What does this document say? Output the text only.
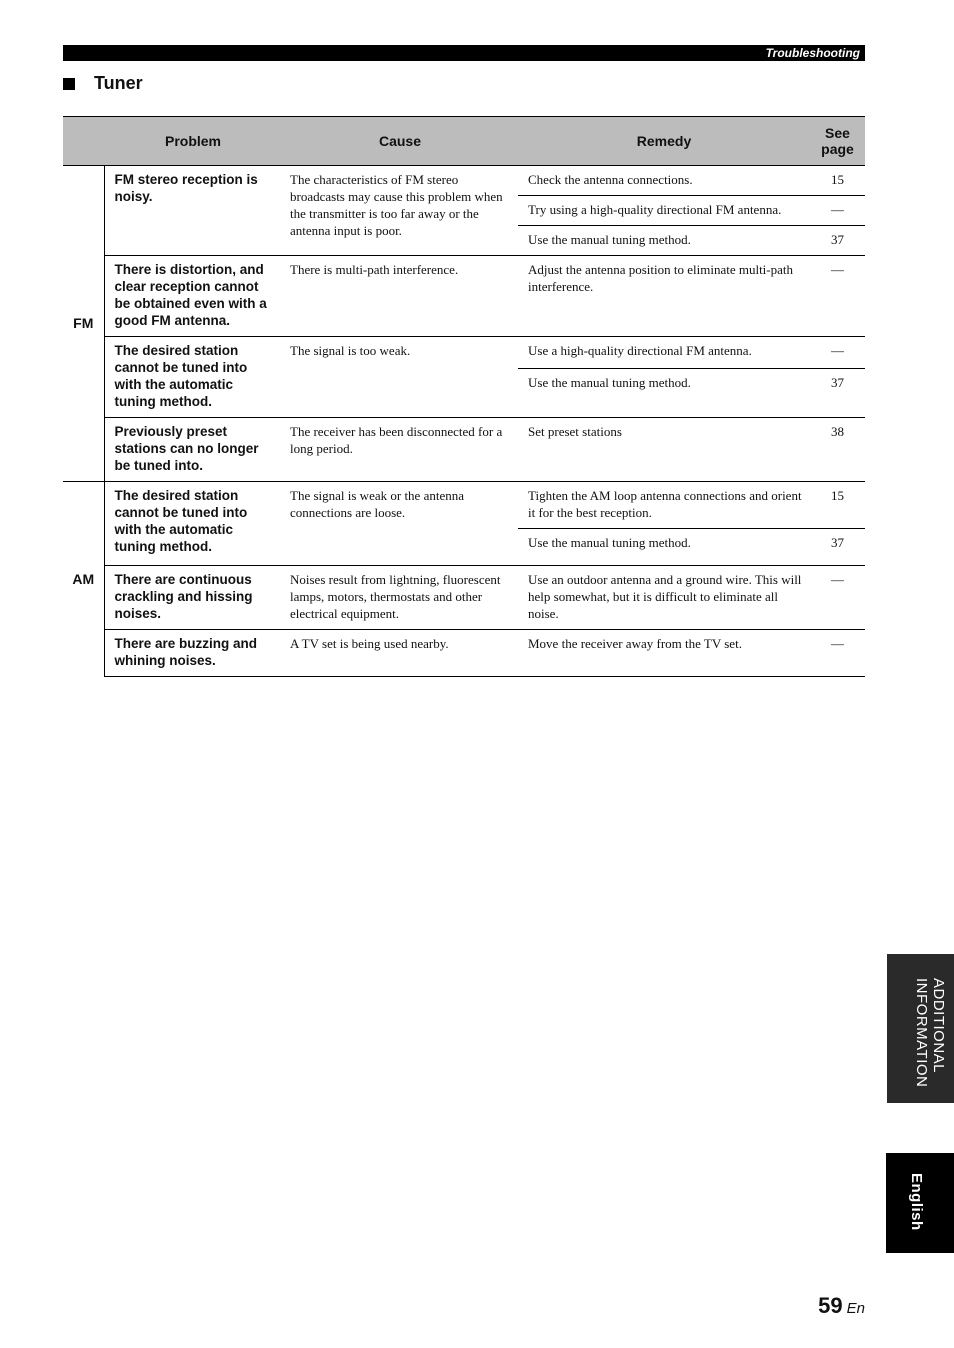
Troubleshooting
Tuner
	Problem	Cause	Remedy	See page
FM	FM stereo reception is noisy.	The characteristics of FM stereo broadcasts may cause this problem when the transmitter is too far away or the antenna input is poor.	Check the antenna connections.	15
			Try using a high-quality directional FM antenna.	—
			Use the manual tuning method.	37
	There is distortion, and clear reception cannot be obtained even with a good FM antenna.	There is multi-path interference.	Adjust the antenna position to eliminate multi-path interference.	—
	The desired station cannot be tuned into with the automatic tuning method.	The signal is too weak.	Use a high-quality directional FM antenna.	—
			Use the manual tuning method.	37
	Previously preset stations can no longer be tuned into.	The receiver has been disconnected for a long period.	Set preset stations	38
AM	The desired station cannot be tuned into with the automatic tuning method.	The signal is weak or the antenna connections are loose.	Tighten the AM loop antenna connections and orient it for the best reception.	15
			Use the manual tuning method.	37
	There are continuous crackling and hissing noises.	Noises result from lightning, fluorescent lamps, motors, thermostats and other electrical equipment.	Use an outdoor antenna and a ground wire. This will help somewhat, but it is difficult to eliminate all noise.	—
	There are buzzing and whining noises.	A TV set is being used nearby.	Move the receiver away from the TV set.	—
ADDITIONAL INFORMATION
English
59 En
